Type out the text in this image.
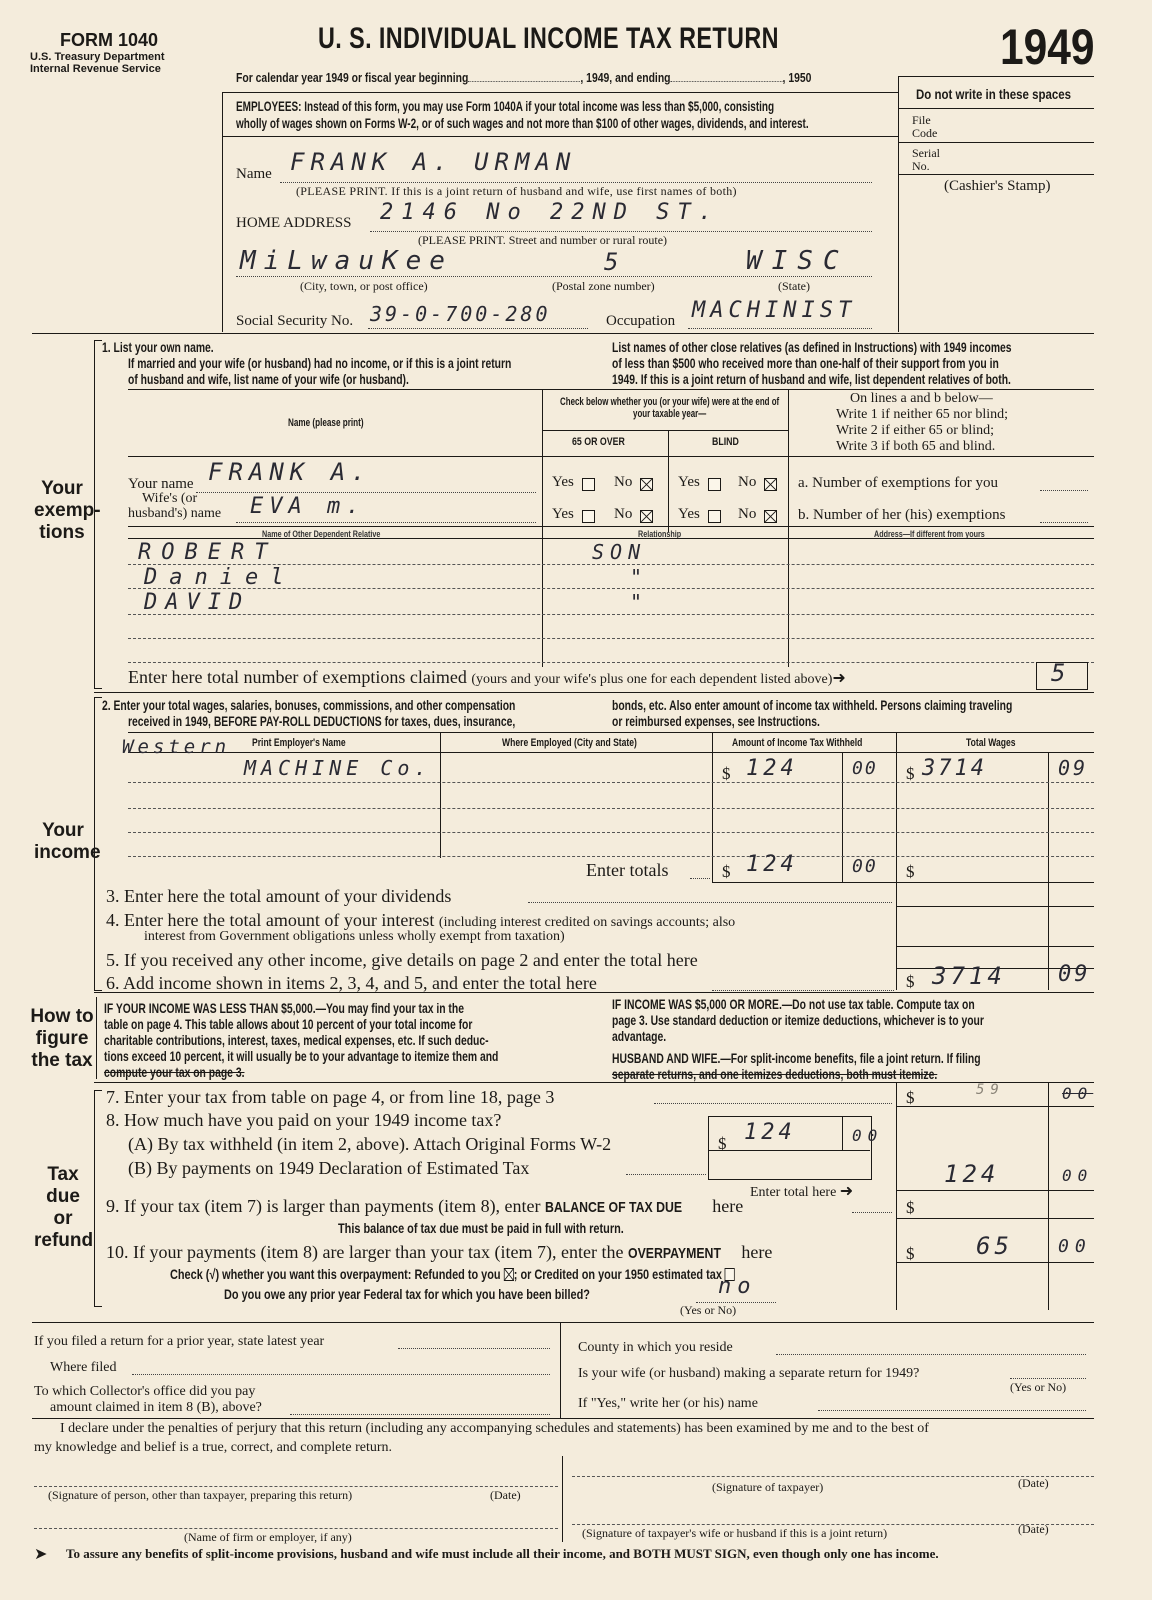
FORM 1040
U.S. Treasury Department
Internal Revenue Service
U. S. INDIVIDUAL INCOME TAX RETURN	1949
For calendar year 1949 or fiscal year beginning	, 1949, and ending	, 1950
EMPLOYEES: Instead of this form, you may use Form 1040A if your total income was less than $5,000, consisting
wholly of wages shown on Forms W-2, or of such wages and not more than $100 of other wages, dividends, and interest.
Do not write in these spaces
File Code
Serial No.
(Cashier's Stamp)
Name FRANK A. URMAN
(PLEASE PRINT. If this is a joint return of husband and wife, use first names of both)
HOME ADDRESS 2146 No 22ND ST.
(PLEASE PRINT. Street and number or rural route)
MiLwauKee	5	WISC
(City, town, or post office)	(Postal zone number)	(State)
Social Security No. 39-0-700-280	Occupation MACHINIST
Your exemp- tions
1. List your own name.
If married and your wife (or husband) had no income, or if this is a joint return
of husband and wife, list name of your wife (or husband).
List names of other close relatives (as defined in Instructions) with 1949 incomes
of less than $500 who received more than one-half of their support from you in
1949. If this is a joint return of husband and wife, list dependent relatives of both.
Name (please print)
Check below whether you (or your wife) were at the end of your taxable year—
65 OR OVER	BLIND
On lines a and b below—
Write 1 if neither 65 nor blind;
Write 2 if either 65 or blind;
Write 3 if both 65 and blind.
Your name FRANK A.	Yes	No	Yes	No	a. Number of exemptions for you
Wife's (or
husband's) name EVA m.	Yes	No	Yes	No	b. Number of her (his) exemptions
Name of Other Dependent Relative	Relationship	Address—If different from yours
ROBERT	SON
Daniel	"
DAVID	"
Enter here total number of exemptions claimed (yours and your wife's plus one for each dependent listed above)➜	5
Your income
2. Enter your total wages, salaries, bonuses, commissions, and other compensation
received in 1949, BEFORE PAY-ROLL DEDUCTIONS for taxes, dues, insurance,
bonds, etc. Also enter amount of income tax withheld. Persons claiming traveling
or reimbursed expenses, see Instructions.
Print Employer's Name	Where Employed (City and State)	Amount of Income Tax Withheld	Total Wages
Western
MACHINE Co.	$ 124	00 $ 3714	09
Enter totals	$ 124	00 $
3. Enter here the total amount of your dividends
4. Enter here the total amount of your interest (including interest credited on savings accounts; also
interest from Government obligations unless wholly exempt from taxation)
5. If you received any other income, give details on page 2 and enter the total here
6. Add income shown in items 2, 3, 4, and 5, and enter the total here	$ 3714 09
How to figure the tax
IF YOUR INCOME WAS LESS THAN $5,000.—You may find your tax in the
table on page 4. This table allows about 10 percent of your total income for
charitable contributions, interest, taxes, medical expenses, etc. If such deduc-
tions exceed 10 percent, it will usually be to your advantage to itemize them and
compute your tax on page 3.
IF INCOME WAS $5,000 OR MORE.—Do not use tax table. Compute tax on
page 3. Use standard deduction or itemize deductions, whichever is to your
advantage.
HUSBAND AND WIFE.—For split-income benefits, file a joint return. If filing
separate returns, and one itemizes deductions, both must itemize.
Tax due or refund
7. Enter your tax from table on page 4, or from line 18, page 3	$	59	00
8. How much have you paid on your 1949 income tax?
(A) By tax withheld (in item 2, above). Attach Original Forms W-2	$ 124	00
(B) By payments on 1949 Declaration of Estimated Tax
Enter total here ➜
124	00
9. If your tax (item 7) is larger than payments (item 8), enter BALANCE OF TAX DUE here	$
This balance of tax due must be paid in full with return.
10. If your payments (item 8) are larger than your tax (item 7), enter the OVERPAYMENT here	$	65	00
Check (√) whether you want this overpayment: Refunded to you ; or Credited on your 1950 estimated tax
Do you owe any prior year Federal tax for which you have been billed?	no
(Yes or No)
If you filed a return for a prior year, state latest year
Where filed
To which Collector's office did you pay
amount claimed in item 8 (B), above?
County in which you reside
Is your wife (or husband) making a separate return for 1949?
(Yes or No)
If "Yes," write her (or his) name
I declare under the penalties of perjury that this return (including any accompanying schedules and statements) has been examined by me and to the best of
my knowledge and belief is a true, correct, and complete return.
(Signature of person, other than taxpayer, preparing this return)	(Date)
(Signature of taxpayer)	(Date)
(Name of firm or employer, if any)	(Signature of taxpayer's wife or husband if this is a joint return)	(Date)
➤ To assure any benefits of split-income provisions, husband and wife must include all their income, and BOTH MUST SIGN, even though only one has income.
